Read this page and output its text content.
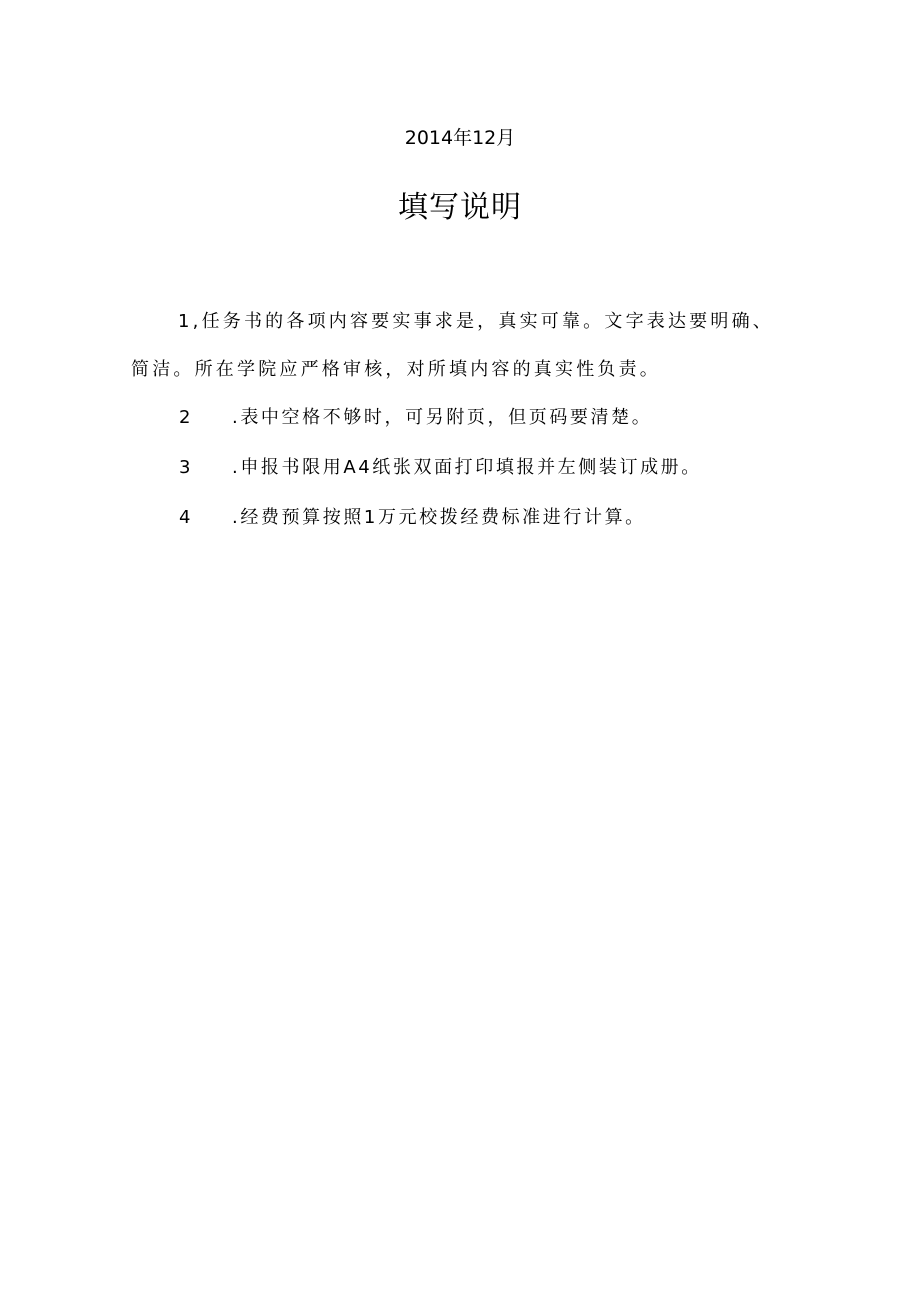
2014年12月
填写说明

1,任务书的各项内容要实事求是，真实可靠。文字表达要明确、简洁。所在学院应严格审核，对所填内容的真实性负责。

2 .表中空格不够时，可另附页，但页码要清楚。
3 .申报书限用A4纸张双面打印填报并左侧装订成册。
4 .经费预算按照1万元校拨经费标准进行计算。
